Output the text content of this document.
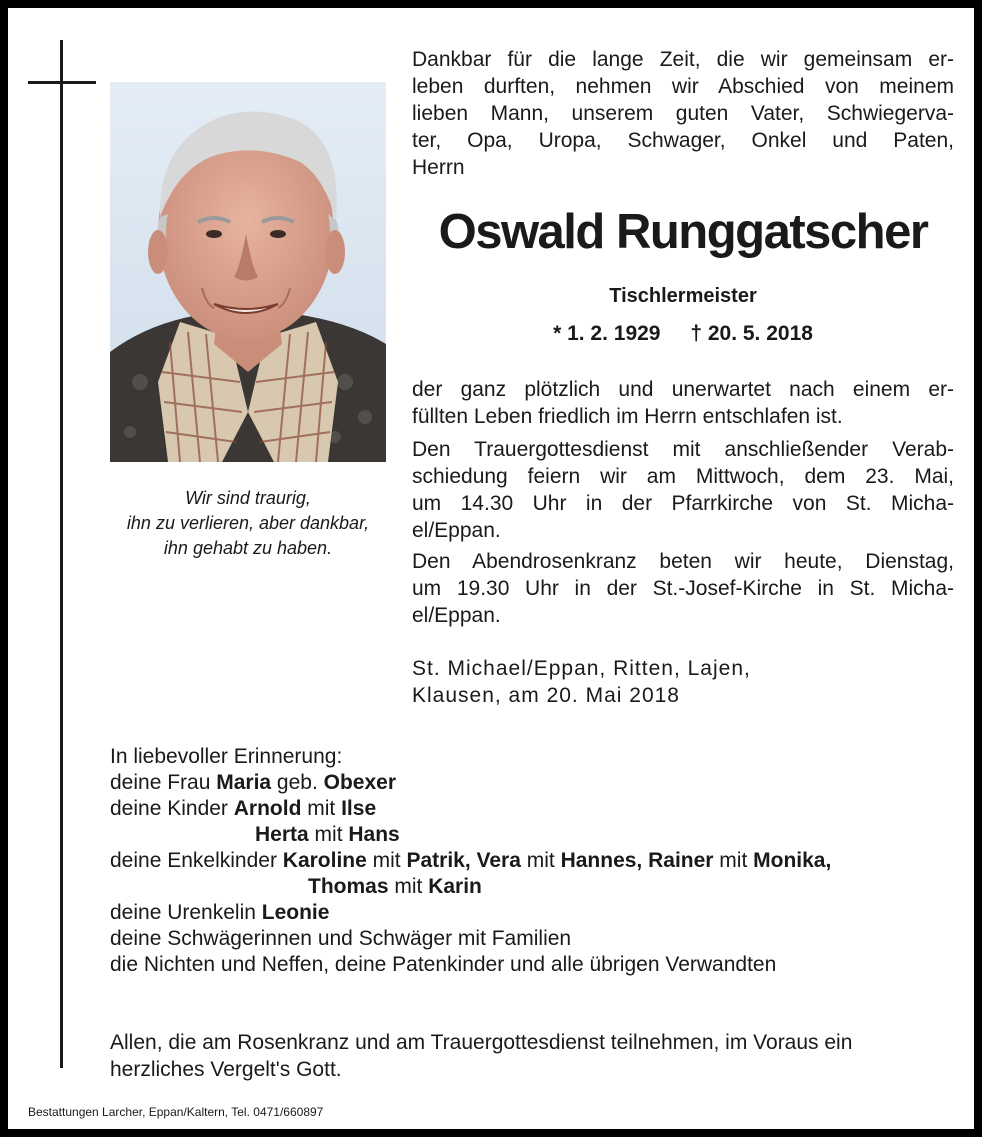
Wir sind traurig,
ihn zu verlieren, aber dankbar,
ihn gehabt zu haben.
Dankbar für die lange Zeit, die wir gemeinsam er-
leben durften, nehmen wir Abschied von meinem
lieben Mann, unserem guten Vater, Schwiegerva-
ter, Opa, Uropa, Schwager, Onkel und Paten,
Herrn
Oswald Runggatscher
Tischlermeister
* 1. 2. 1929 † 20. 5. 2018
der ganz plötzlich und unerwartet nach einem er-
füllten Leben friedlich im Herrn entschlafen ist.
Den Trauergottesdienst mit anschließender Verab-
schiedung feiern wir am Mittwoch, dem 23. Mai,
um 14.30 Uhr in der Pfarrkirche von St. Micha-
el/Eppan.
Den Abendrosenkranz beten wir heute, Dienstag,
um 19.30 Uhr in der St.-Josef-Kirche in St. Micha-
el/Eppan.
St. Michael/Eppan, Ritten, Lajen,
Klausen, am 20. Mai 2018
In liebevoller Erinnerung:
deine Frau Maria geb. Obexer
deine Kinder Arnold mit Ilse
Herta mit Hans
deine Enkelkinder Karoline mit Patrik, Vera mit Hannes, Rainer mit Monika,
Thomas mit Karin
deine Urenkelin Leonie
deine Schwägerinnen und Schwäger mit Familien
die Nichten und Neffen, deine Patenkinder und alle übrigen Verwandten
Allen, die am Rosenkranz und am Trauergottesdienst teilnehmen, im Voraus ein
herzliches Vergelt's Gott.
Bestattungen Larcher, Eppan/Kaltern, Tel. 0471/660897
